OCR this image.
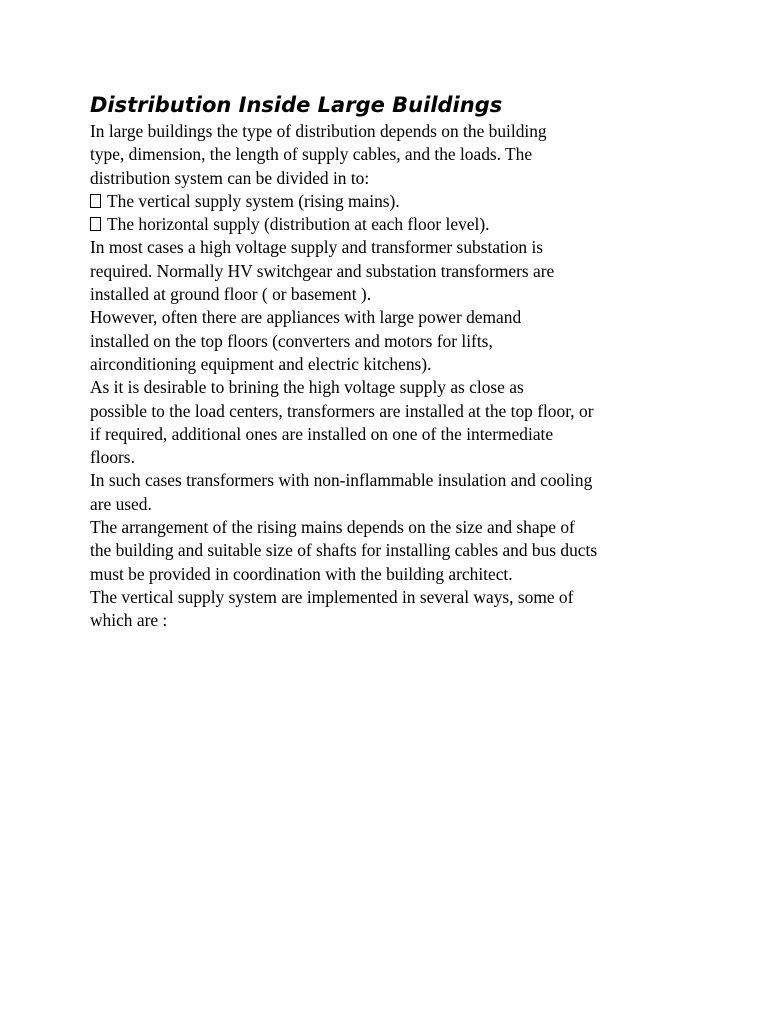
Distribution Inside Large Buildings
In large buildings the type of distribution depends on the building
type, dimension, the length of supply cables, and the loads. The
distribution system can be divided in to:
The vertical supply system (rising mains).
The horizontal supply (distribution at each floor level).
In most cases a high voltage supply and transformer substation is
required. Normally HV switchgear and substation transformers are
installed at ground floor ( or basement ).
However, often there are appliances with large power demand
installed on the top floors (converters and motors for lifts,
airconditioning equipment and electric kitchens).
As it is desirable to brining the high voltage supply as close as
possible to the load centers, transformers are installed at the top floor, or
if required, additional ones are installed on one of the intermediate
floors.
In such cases transformers with non-inflammable insulation and cooling
are used.
The arrangement of the rising mains depends on the size and shape of
the building and suitable size of shafts for installing cables and bus ducts
must be provided in coordination with the building architect.
The vertical supply system are implemented in several ways, some of
which are :
